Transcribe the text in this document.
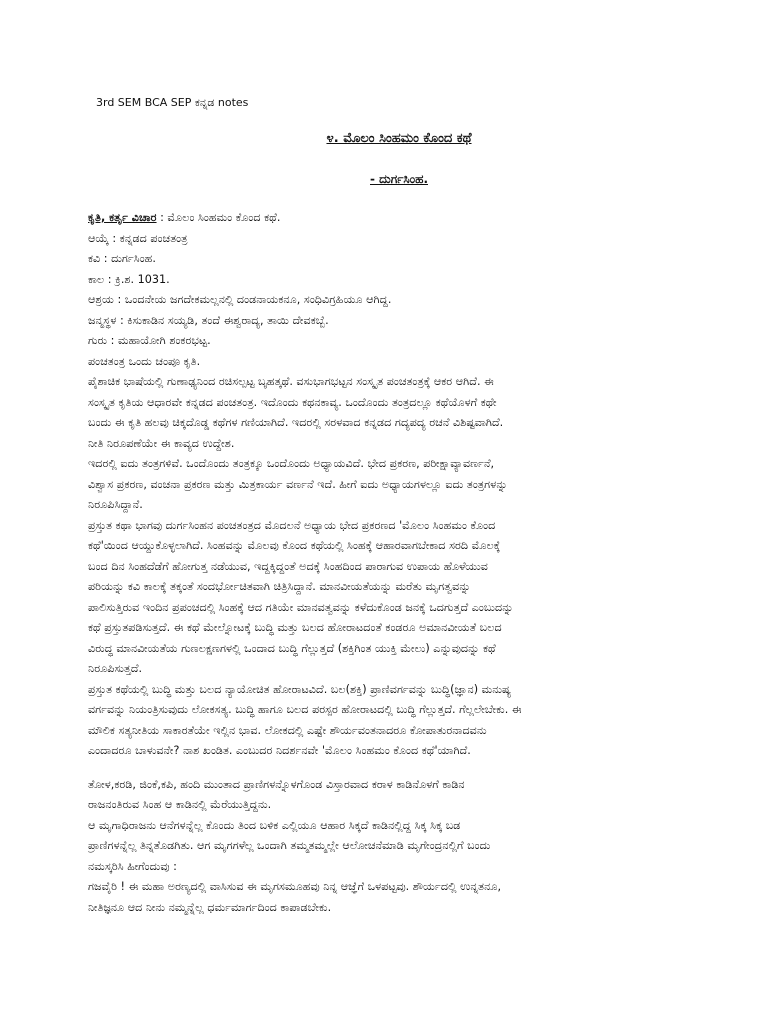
3rd SEM BCA SEP ಕನ್ನಡ notes
೪. ಮೊಲಂ ಸಿಂಹಮಂ ಕೊಂದ ಕಥೆ
- ದುರ್ಗಸಿಂಹ.
ಕೃತಿ, ಕರ್ತೃ ವಿಚಾರ : ಮೊಲಂ ಸಿಂಹಮಂ ಕೊಂದ ಕಥೆ.
ಆಯ್ಕೆ : ಕನ್ನಡದ ಪಂಚತಂತ್ರ
ಕವಿ : ದುರ್ಗಸಿಂಹ.
ಕಾಲ : ಕ್ರಿ.ಶ. 1031.
ಆಶ್ರಯ : ಒಂದನೇಯ ಜಗದೇಕಮಲ್ಲನಲ್ಲಿ ದಂಡನಾಯಕನೂ, ಸಂಧಿವಿಗ್ರಹಿಯೂ ಆಗಿದ್ದ.
ಜನ್ಮಸ್ಥಳ : ಕಿಸುಕಾಡಿನ ಸಯ್ಯಡಿ, ತಂದೆ ಈಶ್ವರಾದ್ಯ, ತಾಯಿ ದೇವಕಬ್ಬೆ.
ಗುರು : ಮಹಾಯೋಗಿ ಶಂಕರಭಟ್ಟ.
ಪಂಚತಂತ್ರ ಒಂದು ಚಂಪೂ ಕೃತಿ.
ಪೈಶಾಚಿಕ ಭಾಷೆಯಲ್ಲಿ ಗುಣಾಢ್ಯನಿಂದ ರಚಿಸಲ್ಪಟ್ಟ ಬೃಹತ್ಕಥೆ. ವಸುಭಾಗಭಟ್ಟನ ಸಂಸ್ಕೃತ ಪಂಚತಂತ್ರಕ್ಕೆ ಆಕರ ಆಗಿದೆ. ಈ
ಸಂಸ್ಕೃತ ಕೃತಿಯ ಆಧಾರವೇ ಕನ್ನಡದ ಪಂಚತಂತ್ರ. ಇದೊಂದು ಕಥನಕಾವ್ಯ. ಒಂದೊಂದು ತಂತ್ರದಲ್ಲೂ ಕಥೆಯೊಳಗೆ ಕಥೇ
ಬಂದು ಈ ಕೃತಿ ಹಲವು ಚಿಕ್ಕದೊಡ್ಡ ಕಥೆಗಳ ಗಣಿಯಾಗಿದೆ. ಇದರಲ್ಲಿ ಸರಳವಾದ ಕನ್ನಡದ ಗದ್ಯಪದ್ಯ ರಚನೆ ವಿಶಿಷ್ಟವಾಗಿದೆ.
ನೀತಿ ನಿರೂಪಣೆಯೇ ಈ ಕಾವ್ಯದ ಉದ್ದೇಶ.
ಇದರಲ್ಲಿ ಐದು ತಂತ್ರಗಳಿವೆ. ಒಂದೊಂದು ತಂತ್ರಕ್ಕೂ ಒಂದೊಂದು ಅಧ್ಯಾಯವಿದೆ. ಭೇದ ಪ್ರಕರಣ, ಪರೀಕ್ಷಾವ್ಯಾವರ್ಣನೆ,
ವಿಶ್ವಾಸ ಪ್ರಕರಣ, ವಂಚನಾ ಪ್ರಕರಣ ಮತ್ತು ಮಿತ್ರಕಾರ್ಯ ವರ್ಣನೆ ಇದೆ. ಹೀಗೆ ಐದು ಅಧ್ಯಾಯಗಳಲ್ಲೂ ಐದು ತಂತ್ರಗಳನ್ನು
ನಿರೂಪಿಸಿದ್ದಾನೆ.
ಪ್ರಸ್ತುತ ಕಥಾ ಭಾಗವು ದುರ್ಗಸಿಂಹನ ಪಂಚತಂತ್ರದ ಮೊದಲನೆ ಅಧ್ಯಾಯ ಭೇದ ಪ್ರಕರಣದ 'ಮೊಲಂ ಸಿಂಹಮಂ ಕೊಂದ
ಕಥೆ'ಯಿಂದ ಆಯ್ದುಕೊಳ್ಳಲಾಗಿದೆ. ಸಿಂಹವನ್ನು ಮೊಲವು ಕೊಂದ ಕಥೆಯಲ್ಲಿ ಸಿಂಹಕ್ಕೆ ಆಹಾರವಾಗಬೇಕಾದ ಸರದಿ ಮೊಲಕ್ಕೆ
ಬಂದ ದಿನ ಸಿಂಹದೆಡೆಗೆ ಹೋಗುತ್ತ ನಡೆಯುವ, ಇದ್ದಕ್ಕಿದ್ದಂತೆ ಅದಕ್ಕೆ ಸಿಂಹದಿಂದ ಪಾರಾಗುವ ಉಪಾಯ ಹೊಳೆಯುವ
ಪರಿಯನ್ನು ಕವಿ ಕಾಲಕ್ಕೆ ತಕ್ಕಂತೆ ಸಂದರ್ಭೋಚಿತವಾಗಿ ಚಿತ್ರಿಸಿದ್ದಾನೆ. ಮಾನವೀಯತೆಯನ್ನು ಮರೆತು ಮೃಗತ್ವವನ್ನು
ಪಾಲಿಸುತ್ತಿರುವ ಇಂದಿನ ಪ್ರಪಂಚದಲ್ಲಿ ಸಿಂಹಕ್ಕೆ ಆದ ಗತಿಯೇ ಮಾನವತ್ವವನ್ನು ಕಳೆದುಕೊಂಡ ಜನಕ್ಕೆ ಒದಗುತ್ತದೆ ಎಂಬುದನ್ನು
ಕಥೆ ಪ್ರಸ್ತುತಪಡಿಸುತ್ತದೆ. ಈ ಕಥೆ ಮೇಲ್ನೋಟಕ್ಕೆ ಬುದ್ಧಿ ಮತ್ತು ಬಲದ ಹೋರಾಟದಂತೆ ಕಂಡರೂ ಅಮಾನವೀಯತೆ ಬಲದ
ವಿರುದ್ಧ ಮಾನವೀಯತೆಯ ಗುಣಲಕ್ಷಣಗಳಲ್ಲಿ ಒಂದಾದ ಬುದ್ಧಿ ಗೆಲ್ಲುತ್ತದೆ (ಶಕ್ತಿಗಿಂತ ಯುಕ್ತಿ ಮೇಲು) ಎನ್ನುವುದನ್ನು ಕಥೆ
ನಿರೂಪಿಸುತ್ತದೆ.
ಪ್ರಸ್ತುತ ಕಥೆಯಲ್ಲಿ ಬುದ್ಧಿ ಮತ್ತು ಬಲದ ನ್ಯಾಯೋಚಿತ ಹೋರಾಟವಿದೆ. ಬಲ(ಶಕ್ತಿ) ಪ್ರಾಣಿವರ್ಗವನ್ನು ಬುದ್ಧಿ(ಜ್ಞಾನ) ಮನುಷ್ಯ
ವರ್ಗವನ್ನು ನಿಯಂತ್ರಿಸುವುದು ಲೋಕಸತ್ಯ. ಬುದ್ಧಿ ಹಾಗೂ ಬಲದ ಪರಸ್ಪರ ಹೋರಾಟದಲ್ಲಿ ಬುದ್ಧಿ ಗೆಲ್ಲುತ್ತದೆ. ಗೆಲ್ಲಲೇಬೇಕು. ಈ
ಮೌಲಿಕ ಸತ್ಯನೀತಿಯ ಸಾಕಾರತೆಯೇ ಇಲ್ಲಿನ ಭಾವ. ಲೋಕದಲ್ಲಿ ಎಷ್ಟೇ ಶೌರ್ಯವಂತನಾದರೂ ಕೋಪಾತುರನಾದವನು
ಎಂದಾದರೂ ಬಾಳುವನೇ? ನಾಶ ಖಂಡಿತ. ಎಂಬುದರ ನಿದರ್ಶನವೇ 'ಮೊಲಂ ಸಿಂಹಮಂ ಕೊಂದ ಕಥೆ'ಯಾಗಿದೆ.
ತೋಳ,ಕರಡಿ, ಜಿಂಕೆ,ಕಪಿ, ಹಂದಿ ಮುಂತಾದ ಪ್ರಾಣಿಗಳನ್ನೊಳಗೊಂಡ ವಿಸ್ತಾರವಾದ ಕರಾಳ ಕಾಡಿನೊಳಗೆ ಕಾಡಿನ
ರಾಜನಂತಿರುವ ಸಿಂಹ ಆ ಕಾಡಿನಲ್ಲಿ ಮೆರೆಯುತ್ತಿದ್ದನು.
ಆ ಮೃಗಾಧಿರಾಜನು ಆನೆಗಳನ್ನೆಲ್ಲ ಕೊಂದು ತಿಂದ ಬಳಿಕ ಎಲ್ಲಿಯೂ ಆಹಾರ ಸಿಕ್ಕದೆ ಕಾಡಿನಲ್ಲಿದ್ದ ಸಿಕ್ಕ ಸಿಕ್ಕ ಬಡ
ಪ್ರಾಣಿಗಳನ್ನೆಲ್ಲ ತಿನ್ನತೊಡಗಿತು. ಆಗ ಮೃಗಗಳೆಲ್ಲ ಒಂದಾಗಿ ತಮ್ಮತಮ್ಮಲ್ಲೇ ಆಲೋಚನೆಮಾಡಿ ಮೃಗೇಂದ್ರನಲ್ಲಿಗೆ ಬಂದು
ನಮಸ್ಕರಿಸಿ ಹೀಗೆಂದುವು :
ಗಜವೈರಿ ! ಈ ಮಹಾ ಅರಣ್ಯದಲ್ಲಿ ವಾಸಿಸುವ ಈ ಮೃಗಸಮೂಹವು ನಿನ್ನ ಆಜ್ಞೆಗೆ ಒಳಪಟ್ಟವು. ಶೌರ್ಯದಲ್ಲಿ ಉನ್ನತನೂ,
ನೀತಿಜ್ಞನೂ ಆದ ನೀನು ನಮ್ಮನ್ನೆಲ್ಲ ಧರ್ಮಮಾರ್ಗದಿಂದ ಕಾಪಾಡಬೇಕು.
